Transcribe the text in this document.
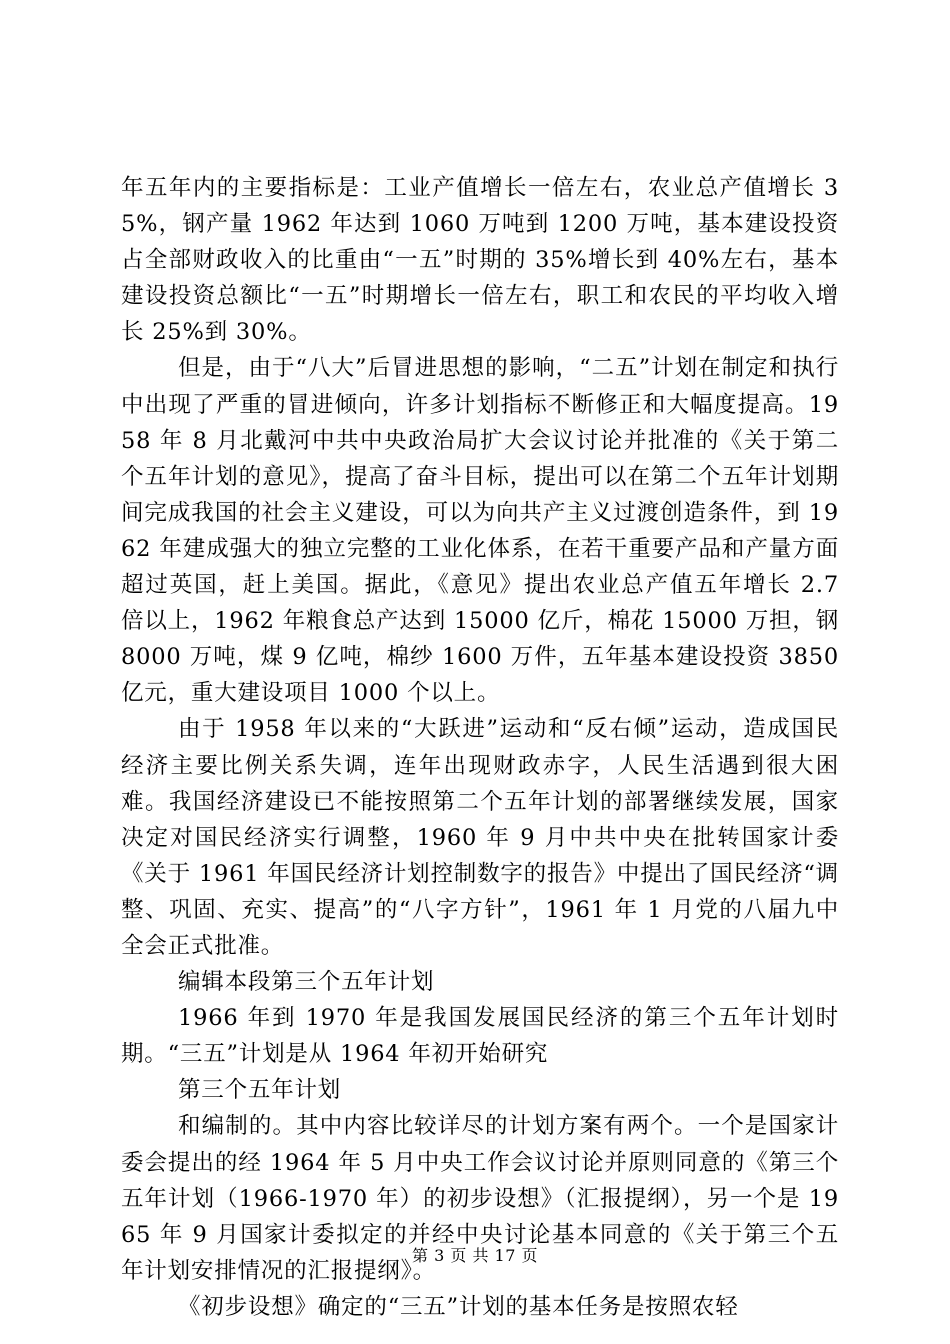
年五年内的主要指标是：工业产值增长一倍左右，农业总产值增长 35%，钢产量 1962 年达到 1060 万吨到 1200 万吨，基本建设投资占全部财政收入的比重由“一五”时期的 35%增长到 40%左右，基本建设投资总额比“一五”时期增长一倍左右，职工和农民的平均收入增长 25%到 30%。

但是，由于“八大”后冒进思想的影响，“二五”计划在制定和执行中出现了严重的冒进倾向，许多计划指标不断修正和大幅度提高。1958 年 8 月北戴河中共中央政治局扩大会议讨论并批准的《关于第二个五年计划的意见》，提高了奋斗目标，提出可以在第二个五年计划期间完成我国的社会主义建设，可以为向共产主义过渡创造条件，到 1962 年建成强大的独立完整的工业化体系，在若干重要产品和产量方面超过英国，赶上美国。据此，《意见》提出农业总产值五年增长 2.7 倍以上，1962 年粮食总产达到 15000 亿斤，棉花 15000 万担，钢 8000 万吨，煤 9 亿吨，棉纱 1600 万件，五年基本建设投资 3850 亿元，重大建设项目 1000 个以上。

由于 1958 年以来的“大跃进”运动和“反右倾”运动，造成国民经济主要比例关系失调，连年出现财政赤字，人民生活遇到很大困难。我国经济建设已不能按照第二个五年计划的部署继续发展，国家决定对国民经济实行调整，1960 年 9 月中共中央在批转国家计委《关于 1961 年国民经济计划控制数字的报告》中提出了国民经济“调整、巩固、充实、提高”的“八字方针”，1961 年 1 月党的八届九中全会正式批准。

编辑本段第三个五年计划

1966 年到 1970 年是我国发展国民经济的第三个五年计划时期。“三五”计划是从 1964 年初开始研究

第三个五年计划

和编制的。其中内容比较详尽的计划方案有两个。一个是国家计委会提出的经 1964 年 5 月中央工作会议讨论并原则同意的《第三个五年计划（1966-1970 年）的初步设想》（汇报提纲），另一个是 1965 年 9 月国家计委拟定的并经中央讨论基本同意的《关于第三个五年计划安排情况的汇报提纲》。

《初步设想》确定的“三五”计划的基本任务是按照农轻

第 3 页 共 17 页
